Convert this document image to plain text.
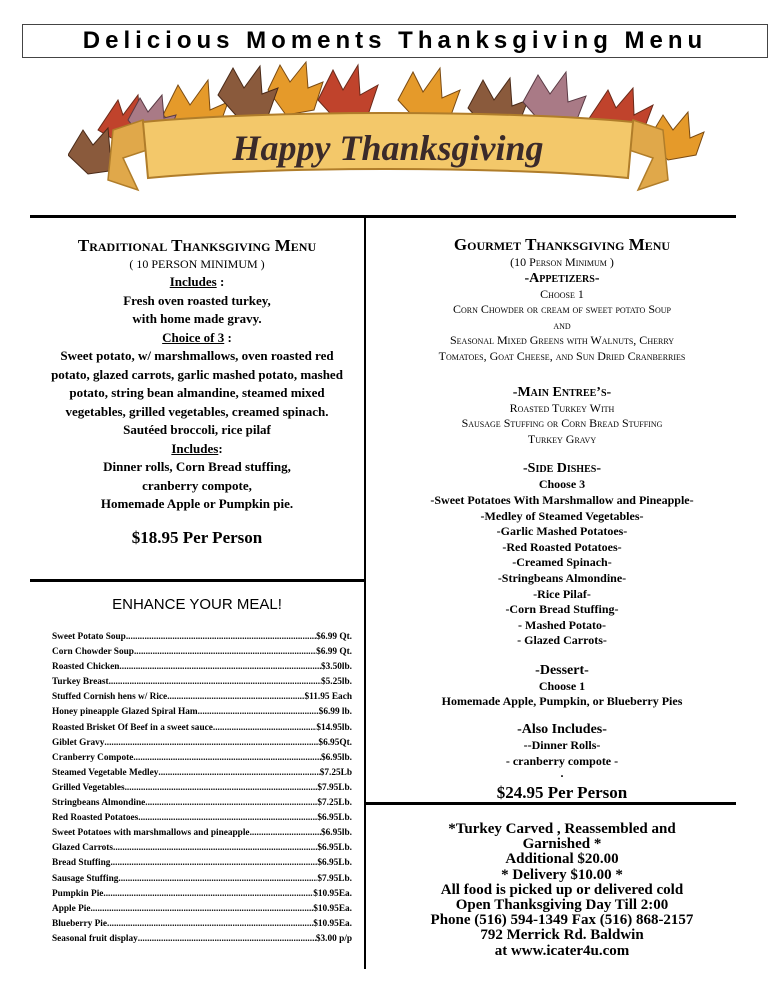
Delicious Moments Thanksgiving Menu
Happy Thanksgiving
Traditional Thanksgiving Menu
( 10 PERSON MINIMUM )
Includes :
Fresh oven roasted turkey,
with home made gravy.
Choice of 3 :
Sweet potato, w/ marshmallows, oven roasted red
potato, glazed carrots, garlic mashed potato, mashed
potato, string bean almandine, steamed mixed
vegetables, grilled vegetables, creamed spinach.
Sautéed broccoli, rice pilaf
Includes:
Dinner rolls, Corn Bread stuffing,
cranberry compote,
Homemade Apple or Pumpkin pie.
$18.95 Per Person
ENHANCE YOUR MEAL!
Sweet Potato Soup .....	$6.99 Qt.
Corn Chowder Soup .....	$6.99 Qt.
Roasted Chicken .....	$3.50lb.
Turkey Breast .....	$5.25lb.
Stuffed Cornish hens w/ Rice .....	$11.95 Each
Honey pineapple Glazed Spiral Ham .....	$6.99 lb.
Roasted Brisket Of Beef in a sweet sauce .....	$14.95lb.
Giblet Gravy .....	$6.95Qt.
Cranberry Compote .....	$6.95lb.
Steamed Vegetable Medley .....	$7.25Lb
Grilled Vegetables .....	$7.95Lb.
Stringbeans Almondine .....	$7.25Lb.
Red Roasted Potatoes .....	$6.95Lb.
Sweet Potatoes with marshmallows and pineapple .....	$6.95lb.
Glazed Carrots .....	$6.95Lb.
Bread Stuffing .....	$6.95Lb.
Sausage Stuffing .....	$7.95Lb.
Pumpkin Pie .....	$10.95Ea.
Apple Pie .....	$10.95Ea.
Blueberry Pie .....	$10.95Ea.
Seasonal fruit display .....	$3.00 p/p
Gourmet Thanksgiving Menu
(10 Person Minimum )
-Appetizers-
Choose 1
Corn Chowder or cream of sweet potato Soup
and
Seasonal Mixed Greens with Walnuts, Cherry
Tomatoes, Goat Cheese, and Sun Dried Cranberries
-Main Entree’s-
Roasted Turkey With
Sausage Stuffing or Corn Bread Stuffing
Turkey Gravy
-Side Dishes-
Choose 3
-Sweet Potatoes With Marshmallow and Pineapple-
-Medley of Steamed Vegetables-
-Garlic Mashed Potatoes-
-Red Roasted Potatoes-
-Creamed Spinach-
-Stringbeans Almondine-
-Rice Pilaf-
-Corn Bread Stuffing-
- Mashed Potato-
- Glazed Carrots-
-Dessert-
Choose 1
Homemade Apple, Pumpkin, or Blueberry Pies
-Also Includes-
--Dinner Rolls-
- cranberry compote -
.
$24.95 Per Person
*Turkey Carved , Reassembled and
Garnished *
Additional $20.00
* Delivery $10.00 *
All food is picked up or delivered cold
Open Thanksgiving Day Till 2:00
Phone (516) 594-1349 Fax (516) 868-2157
792 Merrick Rd. Baldwin
at www.icater4u.com
